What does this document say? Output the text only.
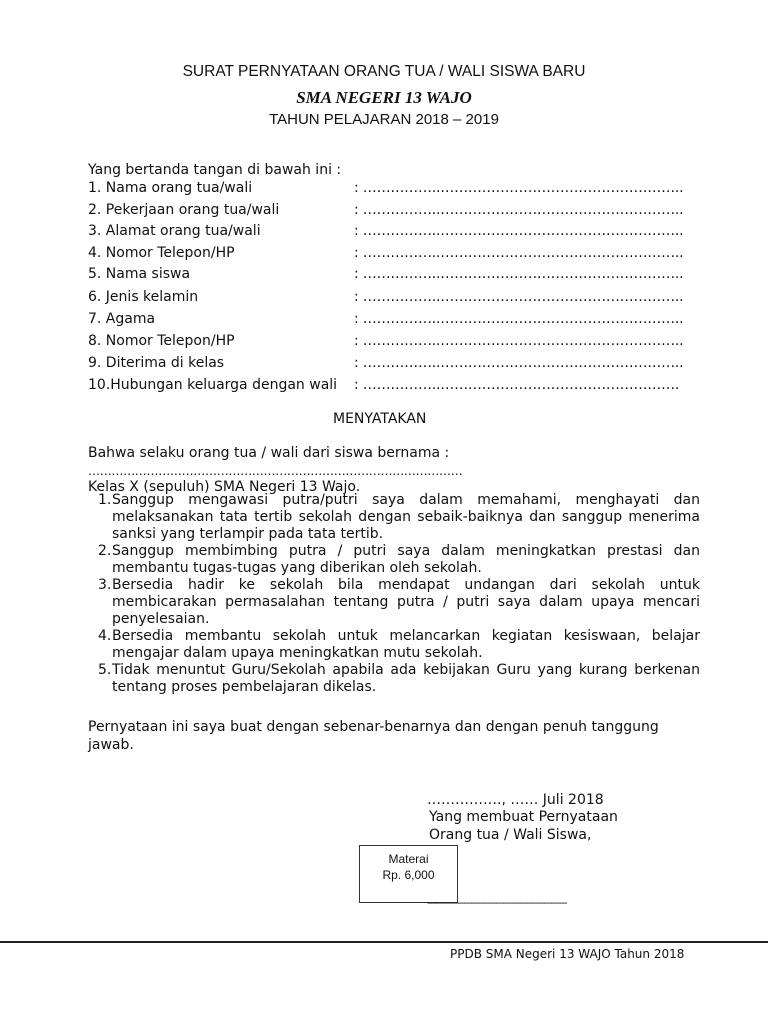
SURAT PERNYATAAN ORANG TUA / WALI SISWA BARU
SMA NEGERI 13 WAJO
TAHUN PELAJARAN 2018 – 2019
Yang bertanda tangan di bawah ini :
1. Nama orang tua/wali	: ……………..……………………………………………..
2. Pekerjaan orang tua/wali	: ……………..……………………………………………..
3. Alamat orang tua/wali	: ……………..……………………………………………..
4. Nomor Telepon/HP	: ……………..……………………………………………..
5. Nama siswa	: ……………..……………………………………………..
6. Jenis kelamin	: ……………..……………………………………………..
7. Agama	: ……………..……………………………………………..
8. Nomor Telepon/HP	: ……………..……………………………………………..
9. Diterima di kelas	: ……………..……………………………………………..
10.Hubungan keluarga dengan wali : ……………..…………………………………………….
MENYATAKAN
Bahwa selaku orang tua / wali dari siswa bernama :
……………………………………………………………………………………
Kelas X (sepuluh) SMA Negeri 13 Wajo.

1. Sanggup mengawasi putra/putri saya dalam memahami, menghayati dan melaksanakan tata tertib sekolah dengan sebaik-baiknya dan sanggup menerima sanksi yang terlampir pada tata tertib.

2. Sanggup membimbing putra / putri saya dalam meningkatkan prestasi dan membantu tugas-tugas yang diberikan oleh sekolah.

3. Bersedia hadir ke sekolah bila mendapat undangan dari sekolah untuk membicarakan permasalahan tentang putra / putri saya dalam upaya mencari penyelesaian.

4. Bersedia membantu sekolah untuk melancarkan kegiatan kesiswaan, belajar mengajar dalam upaya meningkatkan mutu sekolah.

5. Tidak menuntut Guru/Sekolah apabila ada kebijakan Guru yang kurang berkenan tentang proses pembelajaran dikelas.

Pernyataan ini saya buat dengan sebenar-benarnya dan dengan penuh tanggung
jawab.
……………., …… Juli 2018
Yang membuat Pernyataan
Orang tua / Wali Siswa,
Materai
Rp. 6,000
-----------------------------------------------
PPDB SMA Negeri 13 WAJO Tahun 2018
